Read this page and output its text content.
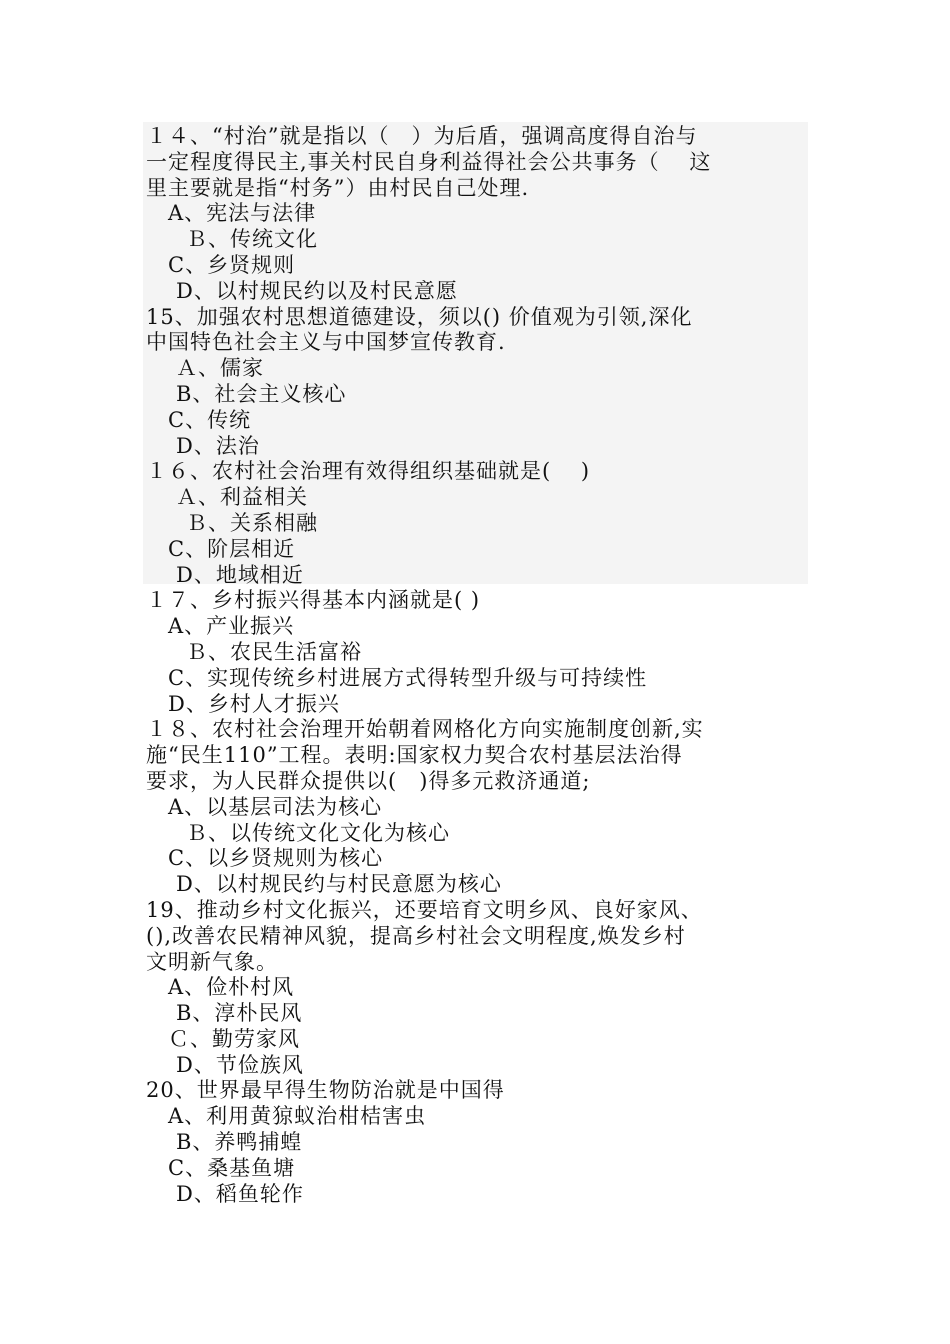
１４、“村治”就是指以（　）为后盾，强调高度得自治与
一定程度得民主,事关村民自身利益得社会公共事务（　 这
里主要就是指“村务”）由村民自己处理.
A、宪法与法律
Ｂ、传统文化
C、乡贤规则
D、以村规民约以及村民意愿
15、加强农村思想道德建设，须以() 价值观为引领,深化
中国特色社会主义与中国梦宣传教育.
Ａ、儒家
B、社会主义核心
C、传统
D、法治
１６、农村社会治理有效得组织基础就是(　 )
Ａ、利益相关
Ｂ、关系相融
C、阶层相近
D、地域相近
１７、乡村振兴得基本内涵就是( )
A、产业振兴
Ｂ、农民生活富裕
C、实现传统乡村进展方式得转型升级与可持续性
D、乡村人才振兴
１８、农村社会治理开始朝着网格化方向实施制度创新,实
施“民生110”工程。表明:国家权力契合农村基层法治得
要求，为人民群众提供以(　)得多元救济通道;
A、以基层司法为核心
Ｂ、以传统文化文化为核心
C、以乡贤规则为核心
D、以村规民约与村民意愿为核心
19、推动乡村文化振兴，还要培育文明乡风、良好家风、
(),改善农民精神风貌，提高乡村社会文明程度,焕发乡村
文明新气象。
A、俭朴村风
B、淳朴民风
Ｃ、勤劳家风
D、节俭族风
20、世界最早得生物防治就是中国得
A、利用黄猄蚁治柑桔害虫
B、养鸭捕蝗
C、桑基鱼塘
D、稻鱼轮作
